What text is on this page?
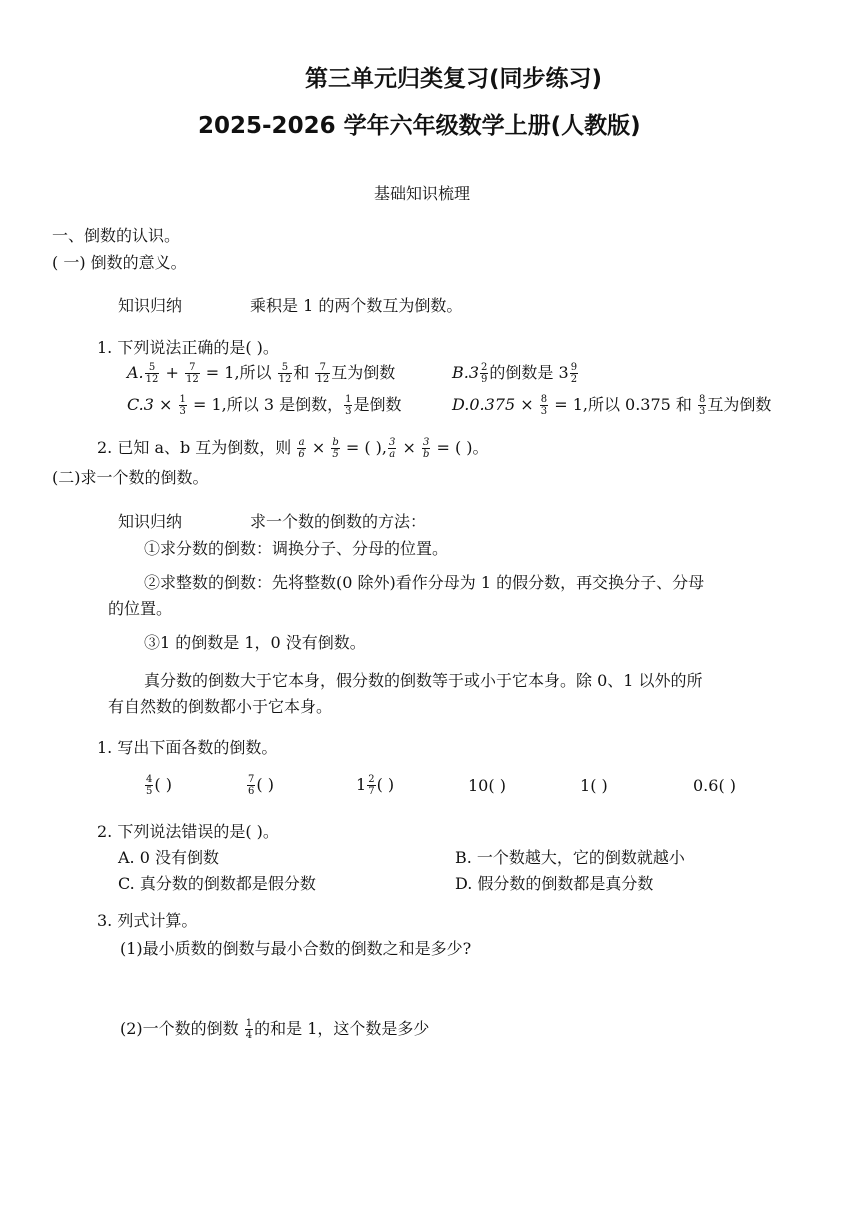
第三单元归类复习(同步练习)
2025-2026 学年六年级数学上册(人教版)
基础知识梳理
一、倒数的认识。
( 一) 倒数的意义。
知识归纳	乘积是 1 的两个数互为倒数。
1. 下列说法正确的是( )。
A. $\frac{5}{12} + \frac{7}{12} = 1$,所以 $\frac{5}{12}$ 和 $\frac{7}{12}$ 互为倒数	$B.3 \frac{2}{9}$ 的倒数是 $3 \frac{9}{2}$
$C.3 \times \frac{1}{3} = 1$,所以 3 是倒数， $\frac{1}{3}$ 是倒数	$D.0.375 \times \frac{8}{3} = 1$,所以 0.375 和 $\frac{8}{3}$ 互为倒数
2. 已知 a、b 互为倒数，则 $\frac{a}{6} \times \frac{b}{5}$ = ( ), $\frac{3}{a} \times \frac{3}{b}$ = ( )。
(二)求一个数的倒数。
知识归纳	求一个数的倒数的方法：
①求分数的倒数：调换分子、分母的位置。
②求整数的倒数：先将整数(0 除外)看作分母为 1 的假分数，再交换分子、分母
的位置。
③1 的倒数是 1，0 没有倒数。
真分数的倒数大于它本身，假分数的倒数等于或小于它本身。除 0、1 以外的所
有自然数的倒数都小于它本身。
1. 写出下面各数的倒数。
$\frac{4}{5}$ ( )	$\frac{7}{6}$ ( )	$1 \frac{2}{7}$ ( )	10( )	1( )	0.6( )
2. 下列说法错误的是( )。
A. 0 没有倒数	B. 一个数越大，它的倒数就越小
C. 真分数的倒数都是假分数	D. 假分数的倒数都是真分数
3. 列式计算。
(1)最小质数的倒数与最小合数的倒数之和是多少?
(2)一个数的倒数 $\frac{1}{4}$ 的和是 1，这个数是多少
